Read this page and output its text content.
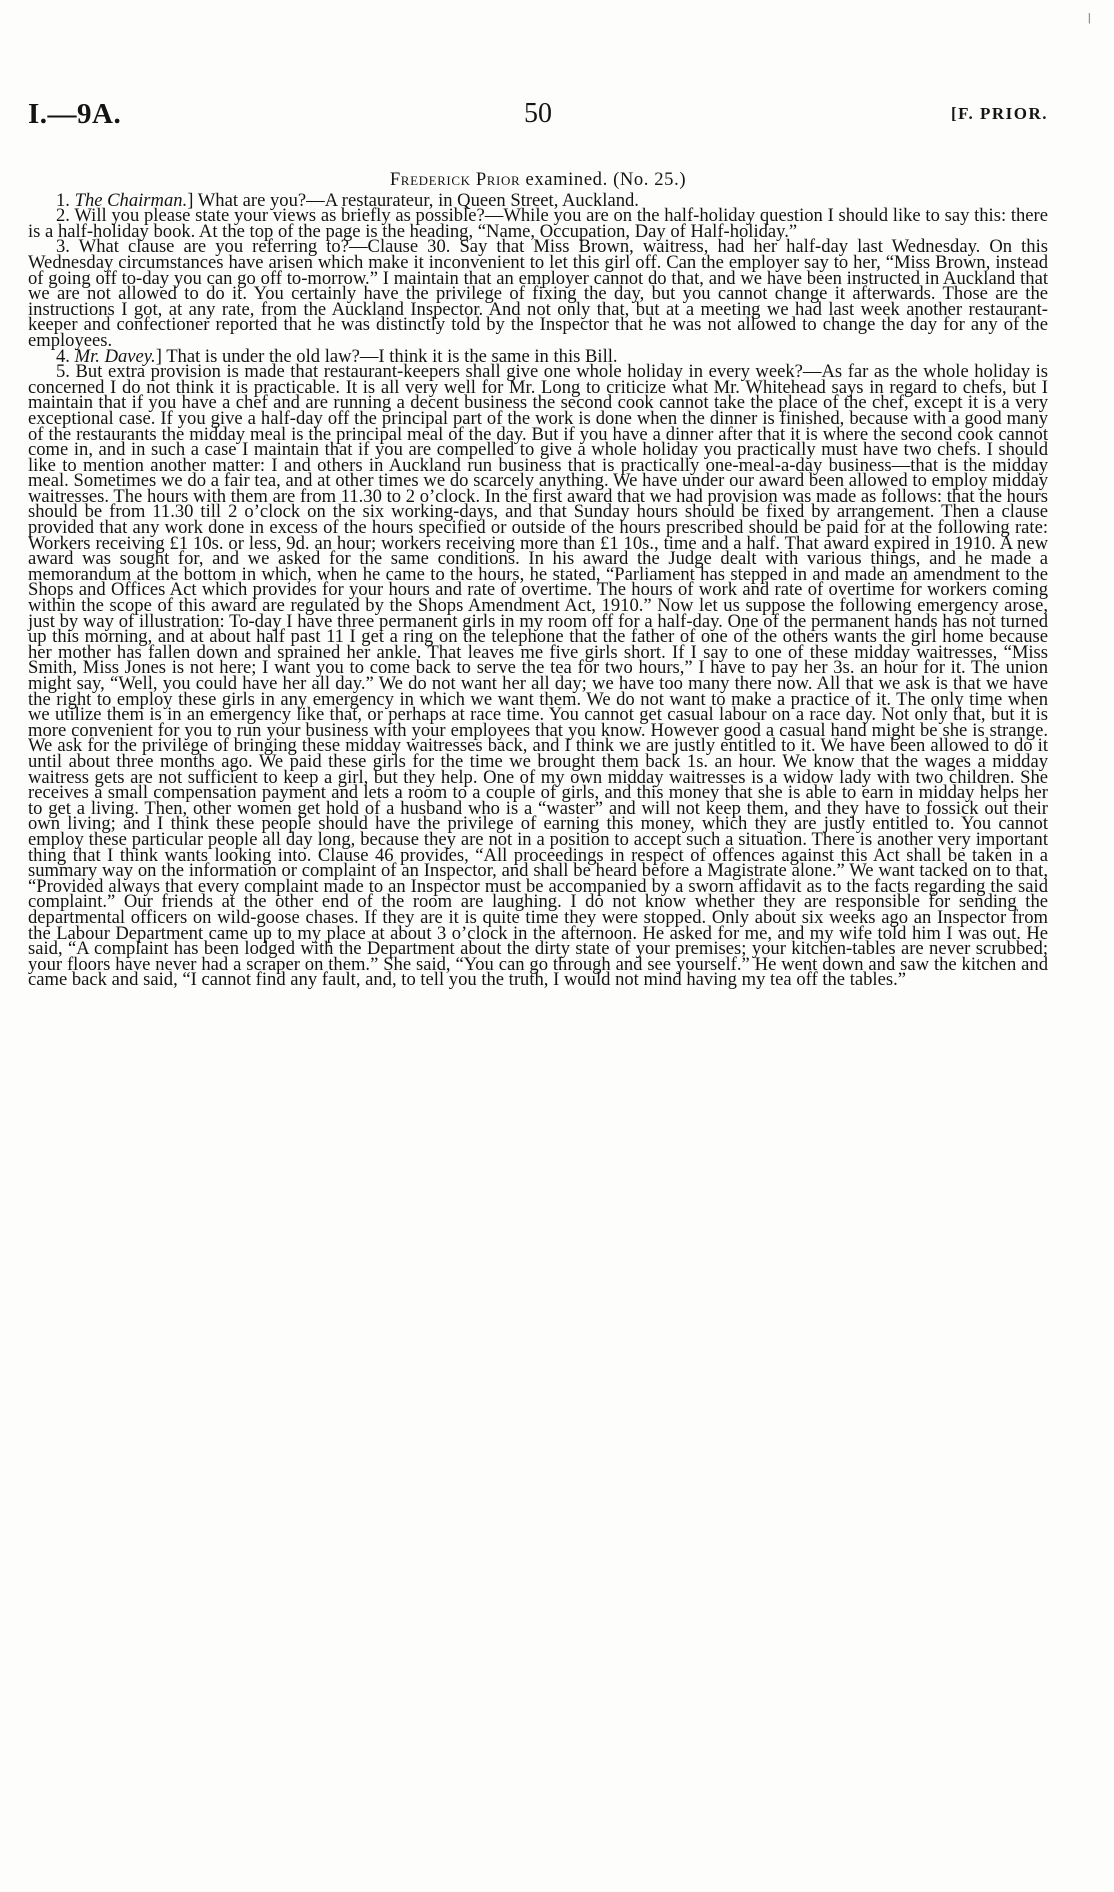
|
I.—9A.	50	[F. PRIOR.
Frederick Prior examined. (No. 25.)

1. The Chairman.] What are you?—A restaurateur, in Queen Street, Auckland.

2. Will you please state your views as briefly as possible?—While you are on the half-holiday question I should like to say this: there is a half-holiday book. At the top of the page is the heading, “Name, Occupation, Day of Half-holiday.”

3. What clause are you referring to?—Clause 30. Say that Miss Brown, waitress, had her half-day last Wednesday. On this Wednesday circumstances have arisen which make it inconvenient to let this girl off. Can the employer say to her, “Miss Brown, instead of going off to-day you can go off to-morrow.” I maintain that an employer cannot do that, and we have been instructed in Auckland that we are not allowed to do it. You certainly have the privilege of fixing the day, but you cannot change it afterwards. Those are the instructions I got, at any rate, from the Auckland Inspector. And not only that, but at a meeting we had last week another restaurant-keeper and confectioner reported that he was distinctly told by the Inspector that he was not allowed to change the day for any of the employees.

4. Mr. Davey.] That is under the old law?—I think it is the same in this Bill.

5. But extra provision is made that restaurant-keepers shall give one whole holiday in every week?—As far as the whole holiday is concerned I do not think it is practicable. It is all very well for Mr. Long to criticize what Mr. Whitehead says in regard to chefs, but I maintain that if you have a chef and are running a decent business the second cook cannot take the place of the chef, except it is a very exceptional case. If you give a half-day off the principal part of the work is done when the dinner is finished, because with a good many of the restaurants the midday meal is the principal meal of the day. But if you have a dinner after that it is where the second cook cannot come in, and in such a case I maintain that if you are compelled to give a whole holiday you practically must have two chefs. I should like to mention another matter: I and others in Auckland run business that is practically one-meal-a-day business—that is the midday meal. Sometimes we do a fair tea, and at other times we do scarcely anything. We have under our award been allowed to employ midday waitresses. The hours with them are from 11.30 to 2 o’clock. In the first award that we had provision was made as follows: that the hours should be from 11.30 till 2 o’clock on the six working-days, and that Sunday hours should be fixed by arrangement. Then a clause provided that any work done in excess of the hours specified or outside of the hours prescribed should be paid for at the following rate: Workers receiving £1 10s. or less, 9d. an hour; workers receiving more than £1 10s., time and a half. That award expired in 1910. A new award was sought for, and we asked for the same conditions. In his award the Judge dealt with various things, and he made a memorandum at the bottom in which, when he came to the hours, he stated, “Parliament has stepped in and made an amendment to the Shops and Offices Act which provides for your hours and rate of overtime. The hours of work and rate of overtime for workers coming within the scope of this award are regulated by the Shops Amendment Act, 1910.” Now let us suppose the following emergency arose, just by way of illustration: To-day I have three permanent girls in my room off for a half-day. One of the permanent hands has not turned up this morning, and at about half past 11 I get a ring on the telephone that the father of one of the others wants the girl home because her mother has fallen down and sprained her ankle. That leaves me five girls short. If I say to one of these midday waitresses, “Miss Smith, Miss Jones is not here; I want you to come back to serve the tea for two hours,” I have to pay her 3s. an hour for it. The union might say, “Well, you could have her all day.” We do not want her all day; we have too many there now. All that we ask is that we have the right to employ these girls in any emergency in which we want them. We do not want to make a practice of it. The only time when we utilize them is in an emergency like that, or perhaps at race time. You cannot get casual labour on a race day. Not only that, but it is more convenient for you to run your business with your employees that you know. However good a casual hand might be she is strange. We ask for the privilege of bringing these midday waitresses back, and I think we are justly entitled to it. We have been allowed to do it until about three months ago. We paid these girls for the time we brought them back 1s. an hour. We know that the wages a midday waitress gets are not sufficient to keep a girl, but they help. One of my own midday waitresses is a widow lady with two children. She receives a small compensation payment and lets a room to a couple of girls, and this money that she is able to earn in midday helps her to get a living. Then, other women get hold of a husband who is a “waster” and will not keep them, and they have to fossick out their own living; and I think these people should have the privilege of earning this money, which they are justly entitled to. You cannot employ these particular people all day long, because they are not in a position to accept such a situation. There is another very important thing that I think wants looking into. Clause 46 provides, “All proceedings in respect of offences against this Act shall be taken in a summary way on the information or complaint of an Inspector, and shall be heard before a Magistrate alone.” We want tacked on to that, “Provided always that every complaint made to an Inspector must be accompanied by a sworn affidavit as to the facts regarding the said complaint.” Our friends at the other end of the room are laughing. I do not know whether they are responsible for sending the departmental officers on wild-goose chases. If they are it is quite time they were stopped. Only about six weeks ago an Inspector from the Labour Department came up to my place at about 3 o’clock in the afternoon. He asked for me, and my wife told him I was out. He said, “A complaint has been lodged with the Department about the dirty state of your premises; your kitchen-tables are never scrubbed; your floors have never had a scraper on them.” She said, “You can go through and see yourself.” He went down and saw the kitchen and came back and said, “I cannot find any fault, and, to tell you the truth, I would not mind having my tea off the tables.”
